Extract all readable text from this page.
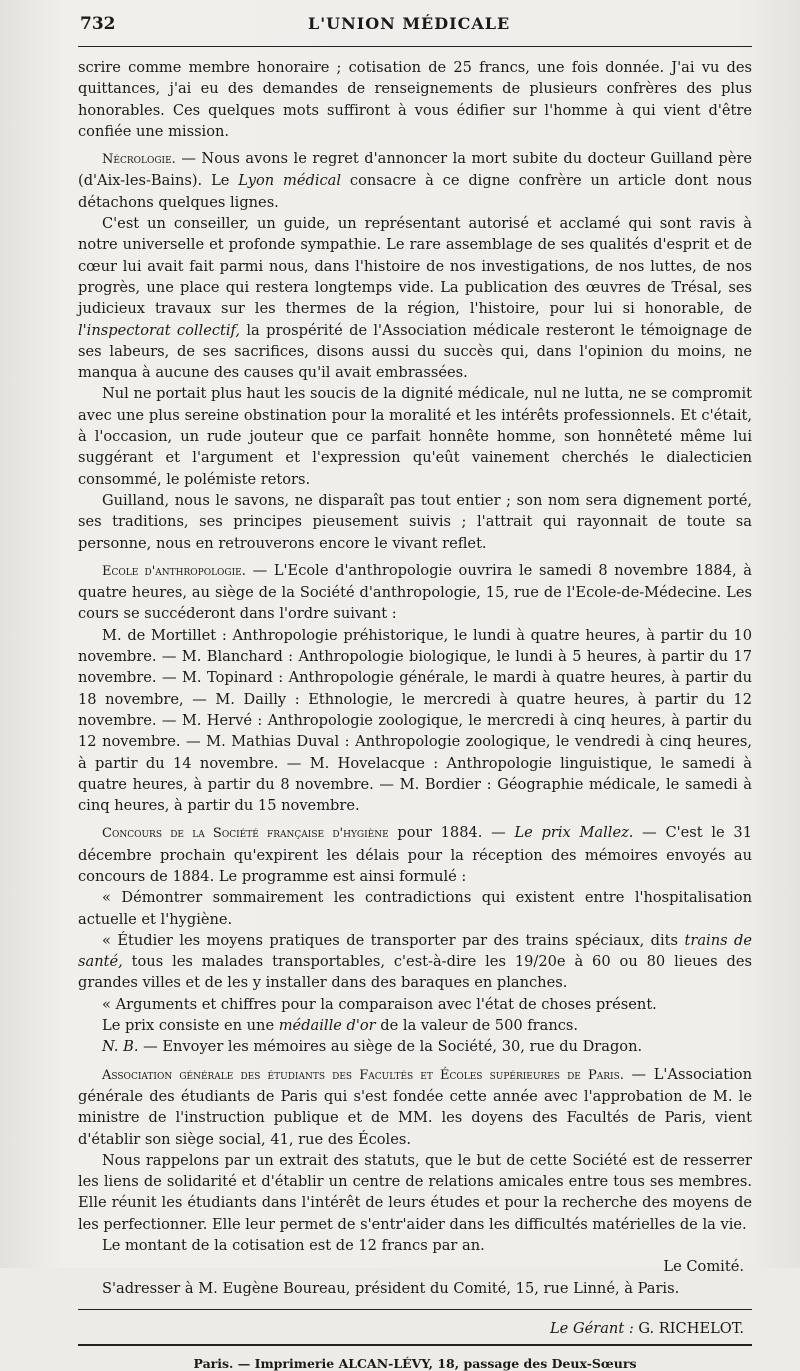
732	L'UNION MÉDICALE

scrire comme membre honoraire ; cotisation de 25 francs, une fois donnée. J'ai vu des quittances, j'ai eu des demandes de renseignements de plusieurs confrères des plus honorables. Ces quelques mots suffiront à vous édifier sur l'homme à qui vient d'être confiée une mission.

Nécrologie. — Nous avons le regret d'annoncer la mort subite du docteur Guilland père (d'Aix-les-Bains). Le Lyon médical consacre à ce digne confrère un article dont nous détachons quelques lignes.

C'est un conseiller, un guide, un représentant autorisé et acclamé qui sont ravis à notre universelle et profonde sympathie. Le rare assemblage de ses qualités d'esprit et de cœur lui avait fait parmi nous, dans l'histoire de nos investigations, de nos luttes, de nos progrès, une place qui restera longtemps vide. La publication des œuvres de Trésal, ses judicieux travaux sur les thermes de la région, l'histoire, pour lui si honorable, de l'inspectorat collectif, la prospérité de l'Association médicale resteront le témoignage de ses labeurs, de ses sacrifices, disons aussi du succès qui, dans l'opinion du moins, ne manqua à aucune des causes qu'il avait embrassées.

Nul ne portait plus haut les soucis de la dignité médicale, nul ne lutta, ne se compromit avec une plus sereine obstination pour la moralité et les intérêts professionnels. Et c'était, à l'occasion, un rude jouteur que ce parfait honnête homme, son honnêteté même lui suggérant et l'argument et l'expression qu'eût vainement cherchés le dialecticien consommé, le polémiste retors.

Guilland, nous le savons, ne disparaît pas tout entier ; son nom sera dignement porté, ses traditions, ses principes pieusement suivis ; l'attrait qui rayonnait de toute sa personne, nous en retrouverons encore le vivant reflet.

Ecole d'anthropologie. — L'Ecole d'anthropologie ouvrira le samedi 8 novembre 1884, à quatre heures, au siège de la Société d'anthropologie, 15, rue de l'Ecole-de-Médecine. Les cours se succéderont dans l'ordre suivant :

M. de Mortillet : Anthropologie préhistorique, le lundi à quatre heures, à partir du 10 novembre. — M. Blanchard : Anthropologie biologique, le lundi à 5 heures, à partir du 17 novembre. — M. Topinard : Anthropologie générale, le mardi à quatre heures, à partir du 18 novembre, — M. Dailly : Ethnologie, le mercredi à quatre heures, à partir du 12 novembre. — M. Hervé : Anthropologie zoologique, le mercredi à cinq heures, à partir du 12 novembre. — M. Mathias Duval : Anthropologie zoologique, le vendredi à cinq heures, à partir du 14 novembre. — M. Hovelacque : Anthropologie linguistique, le samedi à quatre heures, à partir du 8 novembre. — M. Bordier : Géographie médicale, le samedi à cinq heures, à partir du 15 novembre.

Concours de la Société française d'hygiène pour 1884. — Le prix Mallez. — C'est le 31 décembre prochain qu'expirent les délais pour la réception des mémoires envoyés au concours de 1884. Le programme est ainsi formulé :

« Démontrer sommairement les contradictions qui existent entre l'hospitalisation actuelle et l'hygiène.

« Étudier les moyens pratiques de transporter par des trains spéciaux, dits trains de santé, tous les malades transportables, c'est-à-dire les 19/20e à 60 ou 80 lieues des grandes villes et de les y installer dans des baraques en planches.

« Arguments et chiffres pour la comparaison avec l'état de choses présent.

Le prix consiste en une médaille d'or de la valeur de 500 francs.

N. B. — Envoyer les mémoires au siège de la Société, 30, rue du Dragon.

Association générale des étudiants des Facultés et Écoles supérieures de Paris. — L'Association générale des étudiants de Paris qui s'est fondée cette année avec l'approbation de M. le ministre de l'instruction publique et de MM. les doyens des Facultés de Paris, vient d'établir son siège social, 41, rue des Écoles.

Nous rappelons par un extrait des statuts, que le but de cette Société est de resserrer les liens de solidarité et d'établir un centre de relations amicales entre tous ses membres. Elle réunit les étudiants dans l'intérêt de leurs études et pour la recherche des moyens de les perfectionner. Elle leur permet de s'entr'aider dans les difficultés matérielles de la vie.

Le montant de la cotisation est de 12 francs par an.

Le Comité.

S'adresser à M. Eugène Boureau, président du Comité, 15, rue Linné, à Paris.

Le Gérant : G. RICHELOT.
Paris. — Imprimerie ALCAN-LÉVY, 18, passage des Deux-Sœurs
